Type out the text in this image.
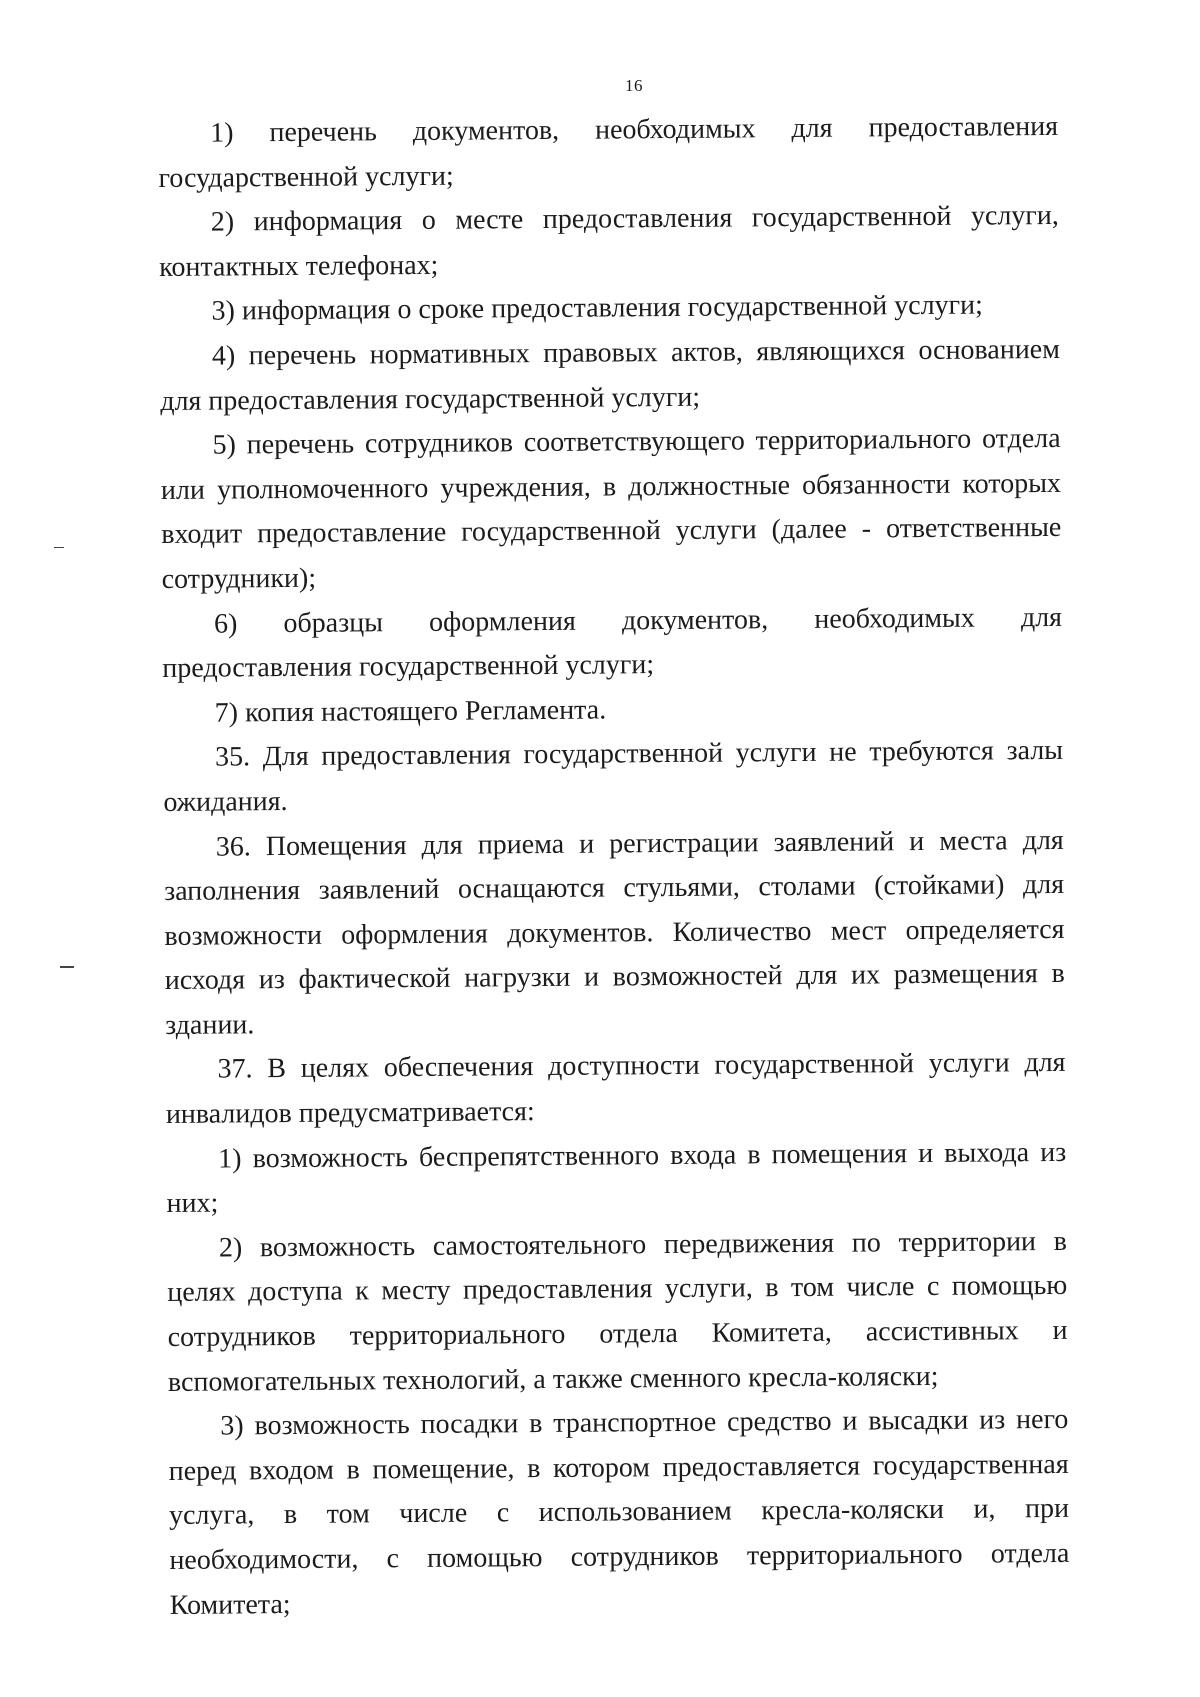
16
1) перечень документов, необходимых для предоставления

государственной услуги;

2) информация о месте предоставления государственной услуги, контактных телефонах;

3) информация о сроке предоставления государственной услуги;

4) перечень нормативных правовых актов, являющихся основанием для предоставления государственной услуги;

5) перечень сотрудников соответствующего территориального отдела или уполномоченного учреждения, в должностные обязанности которых входит предоставление государственной услуги (далее - ответственные сотрудники);

6) образцы оформления документов, необходимых для

предоставления государственной услуги;

7) копия настоящего Регламента.

35. Для предоставления государственной услуги не требуются залы ожидания.

36. Помещения для приема и регистрации заявлений и места для заполнения заявлений оснащаются стульями, столами (стойками) для возможности оформления документов. Количество мест определяется исходя из фактической нагрузки и возможностей для их размещения в здании.

37. В целях обеспечения доступности государственной услуги для инвалидов предусматривается:

1) возможность беспрепятственного входа в помещения и выхода из них;

2) возможность самостоятельного передвижения по территории в целях доступа к месту предоставления услуги, в том числе с помощью сотрудников территориального отдела Комитета, ассистивных и вспомогательных технологий, а также сменного кресла-коляски;

3) возможность посадки в транспортное средство и высадки из него перед входом в помещение, в котором предоставляется государственная услуга, в том числе с использованием кресла-коляски и, при необходимости, с помощью сотрудников территориального отдела Комитета;
